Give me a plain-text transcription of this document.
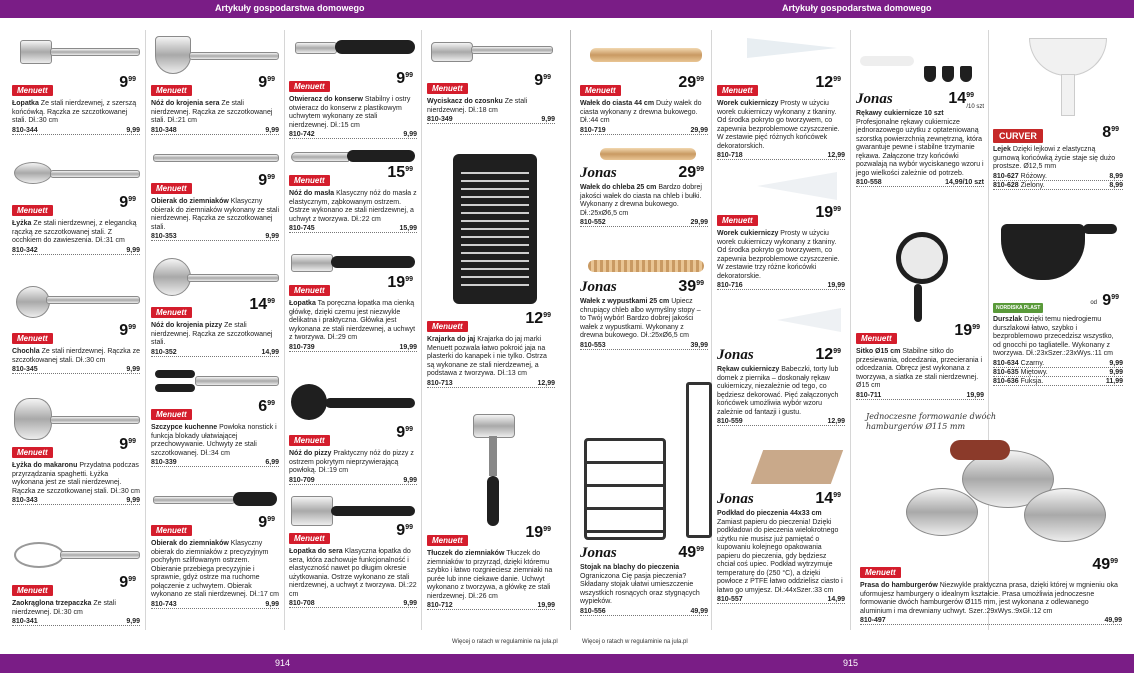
Artykuły gospodarstwa domowego	Artykuły gospodarstwa domowego
914	915
Więcej o ratach w regulaminie na jula.pl	Więcej o ratach w regulaminie na jula.pl
Menuett	$9^{99}$
Łopatka Ze stali nierdzewnej, z szerszą końcówką. Rączka ze szczotkowanej stali. Dł.:30 cm
810-344	9,99
Menuett	$9^{99}$
Łyżka Ze stali nierdzewnej, z elegancką rączką ze szczotkowanej stali. Z occhkiem do zawieszenia. Dł.:31 cm
810-342	9,99
Menuett	$9^{99}$
Chochla Ze stali nierdzewnej. Rączka ze szczotkowanej stali. Dł.:30 cm
810-345	9,99
Menuett	$9^{99}$
Łyżka do makaronu Przydatna podczas przyrządzania spaghetti. Łyżka wykonana jest ze stali nierdzewnej. Rączka ze szczotkowanej stali. Dł.:30 cm
810-343	9,99
Menuett	$9^{99}$
Zaokrąglona trzepaczka Ze stali nierdzewnej. Dł.:30 cm
810-341	9,99
Menuett	$9^{99}$
Nóż do krojenia sera Ze stali nierdzewnej. Rączka ze szczotkowanej stali. Dł.:21 cm
810-348	9,99
Menuett	$9^{99}$
Obierak do ziemniaków Klasyczny obierak do ziemniaków wykonany ze stali nierdzewnej. Rączka ze szczotkowanej stali.
810-353	9,99
Menuett	$14^{99}$
Nóż do krojenia pizzy Ze stali nierdzewnej. Rączka ze szczotkowanej stali.
810-352	14,99
Menuett	$6^{99}$
Szczypce kuchenne Powłoka nonstick i funkcja blokady ułatwiającej przechowywanie. Uchwyty ze stali szczotkowanej. Dł.:34 cm
810-339	6,99
Menuett	$9^{99}$
Obierak do ziemniaków Klasyczny obierak do ziemniaków z precyzyjnym pochyłym szlifowanym ostrzem. Obieranie przebiega precyzyjnie i sprawnie, gdyż ostrze ma ruchome połączenie z uchwytem. Obierak wykonano ze stali nierdzewnej. Dł.:17 cm
810-743	9,99
Menuett	$9^{99}$
Otwieracz do konserw Stabilny i ostry otwieracz do konserw z plastikowym uchwytem wykonany ze stali nierdzewnej. Dł.:15 cm
810-742	9,99
Menuett	$15^{99}$
Nóż do masła Klasyczny nóż do masła z elastycznym, ząbkowanym ostrzem. Ostrze wykonano ze stali nierdzewnej, a uchwyt z tworzywa. Dł.:22 cm
810-745	15,99
Menuett	$19^{99}$
Łopatka Ta poręczna łopatka ma cienką główkę, dzięki czemu jest niezwykle delikatna i praktyczna. Główka jest wykonana ze stali nierdzewnej, a uchwyt z tworzywa. Dł.:29 cm
810-739	19,99
Menuett	$9^{99}$
Nóż do pizzy Praktyczny nóż do pizzy z ostrzem pokrytym nieprzywierającą powłoką. Dł.:19 cm
810-709	9,99
Menuett	$9^{99}$
Łopatka do sera Klasyczna łopatka do sera, która zachowuje funkcjonalność i elastyczność nawet po długim okresie użytkowania. Ostrze wykonano ze stali nierdzewnej, a uchwyt z tworzywa. Dł.:22 cm
810-708	9,99
Menuett	$9^{99}$
Wyciskacz do czosnku Ze stali nierdzewnej. Dł.:18 cm
810-349	9,99
Menuett	$12^{99}$
Krajarka do jaj Krajarka do jaj marki Menuett pozwala łatwo pokroić jaja na plasterki do kanapek i nie tylko. Ostrza są wykonane ze stali nierdzewnej, a podstawa z tworzywa. Dł.:13 cm
810-713	12,99
Menuett	$19^{99}$
Tłuczek do ziemniaków Tłuczek do ziemniaków to przyrząd, dzięki któremu szybko i łatwo rozgnieciesz ziemniaki na purée lub inne ciekawe danie. Uchwyt wykonano z tworzywa, a główkę ze stali nierdzewnej. Dł.:26 cm
810-712	19,99
Menuett	$29^{99}$
Wałek do ciasta 44 cm Duży wałek do ciasta wykonany z drewna bukowego. Dł.:44 cm
810-719	29,99
Jonas	$29^{99}$
Wałek do chleba 25 cm Bardzo dobrej jakości wałek do ciasta na chleb i bułki. Wykonany z drewna bukowego. Dł.:25xØ6,5 cm
810-552	29,99
Jonas	$39^{99}$
Wałek z wypustkami 25 cm Upiecz chrupiący chleb albo wymyślny stopy – to Twój wybór! Bardzo dobrej jakości wałek z wypustkami. Wykonany z drewna bukowego. Dł.:25xØ6,5 cm
810-553	39,99
Jonas	$49^{99}$
Stojak na blachy do pieczenia Ograniczona Cię pasja pieczenia? Składany stojak ułatwi umieszczenie wszystkich rosnących oraz stygnących wypieków.
810-556	49,99
Menuett	$12^{99}$
Worek cukierniczy Prosty w użyciu worek cukierniczy wykonany z tkaniny. Od środka pokryto go tworzywem, co zapewnia bezproblemowe czyszczenie. W zestawie pięć różnych końcówek dekoratorskich.
810-718	12,99
Menuett	$19^{99}$
Worek cukierniczy Prosty w użyciu worek cukierniczy wykonany z tkaniny. Od środka pokryto go tworzywem, co zapewnia bezproblemowe czyszczenie. W zestawie trzy różne końcówki dekoratorskie.
810-716	19,99
Jonas	$12^{99}$
Rękaw cukierniczy Babeczki, torty lub domek z piernika – doskonały rękaw cukierniczy, niezależnie od tego, co będziesz dekorować. Pięć załączonych końcówek umożliwia wybór wzoru zależnie od fantazji i gustu.
810-559	12,99
Jonas	$14^{99}$
Podkład do pieczenia 44x33 cm Zamiast papieru do pieczenia! Dzięki podkładowi do pieczenia wielokrotnego użytku nie musisz już pamiętać o kupowaniu kolejnego opakowania papieru do pieczenia, gdy będziesz chciał coś upiec. Podkład wytrzymuje temperaturę do (250 °C), a dzięki powłoce z PTFE łatwo oddzielisz ciasto i łatwo go umyjesz. Dł.:44xSzer.:33 cm
810-557	14,99
Jonas	$14^{99}$
/10 szt
Rękawy cukiernicze 10 szt Profesjonalne rękawy cukiernicze jednorazowego użytku z optateniowaną szorstką powierzchnią zewnętrzną, która gwarantuje pewne i stabilne trzymanie rękawa. Załączone trzy końcówki pozwalają na wybór wyciskanego wzoru i jego wielkości zależnie od potrzeb.
810-558	14,99/10 szt
Menuett	$19^{99}$
Sitko Ø15 cm Stabilne sitko do przesiewania, odcedzania, przecierania i odcedzania. Obręcz jest wykonana z tworzywa, a siatka ze stali nierdzewnej. Ø15 cm
810-711	19,99
CURVER	$8^{99}$
Lejek Dzięki lejkowi z elastyczną gumową końcówką życie staje się dużo prostsze. Ø12,5 mm
810-627 Różowy.	8,99
810-628 Zielony.	8,99
NORDISKA PLAST
od $9^{99}$
Durszlak Dzięki temu niedrogiemu durszlakowi łatwo, szybko i bezproblemowo przecedzisz wszystko, od gnocchi po tagliatelle. Wykonany z tworzywa. Dł.:23xSzer.:23xWys.:11 cm
810-634 Czarny.	9,99
810-635 Miętowy.	9,99
810-636 Fuksja.	11,99
Jednoczesne formowanie dwóch hamburgerów Ø115 mm
Menuett	$49^{99}$
Prasa do hamburgerów Niezwykle praktyczna prasa, dzięki której w mgnieniu oka uformujesz hamburgery o idealnym kształcie. Prasa umożliwia jednoczesne formowanie dwóch hamburgerów Ø115 mm, jest wykonana z odlewanego aluminium i ma drewniany uchwyt. Szer.:29xWys.:9xGł.:12 cm
810-497	49,99
